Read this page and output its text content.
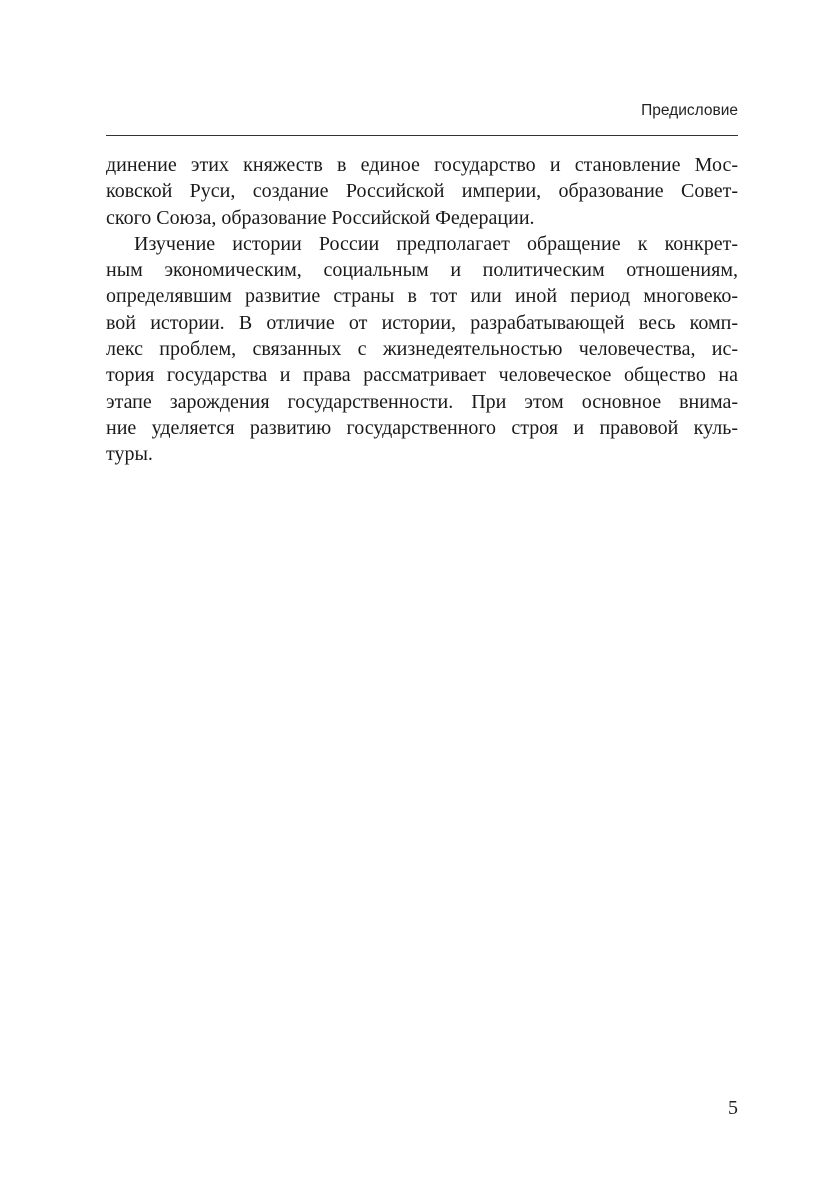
Предисловие
динение этих княжеств в единое государство и становление Мос-
ковской Руси, создание Российской империи, образование Совет-
ского Союза, образование Российской Федерации.
Изучение истории России предполагает обращение к конкрет-
ным экономическим, социальным и политическим отношениям,
определявшим развитие страны в тот или иной период многовеко-
вой истории. В отличие от истории, разрабатывающей весь комп-
лекс проблем, связанных с жизнедеятельностью человечества, ис-
тория государства и права рассматривает человеческое общество на
этапе зарождения государственности. При этом основное внима-
ние уделяется развитию государственного строя и правовой куль-
туры.
5
